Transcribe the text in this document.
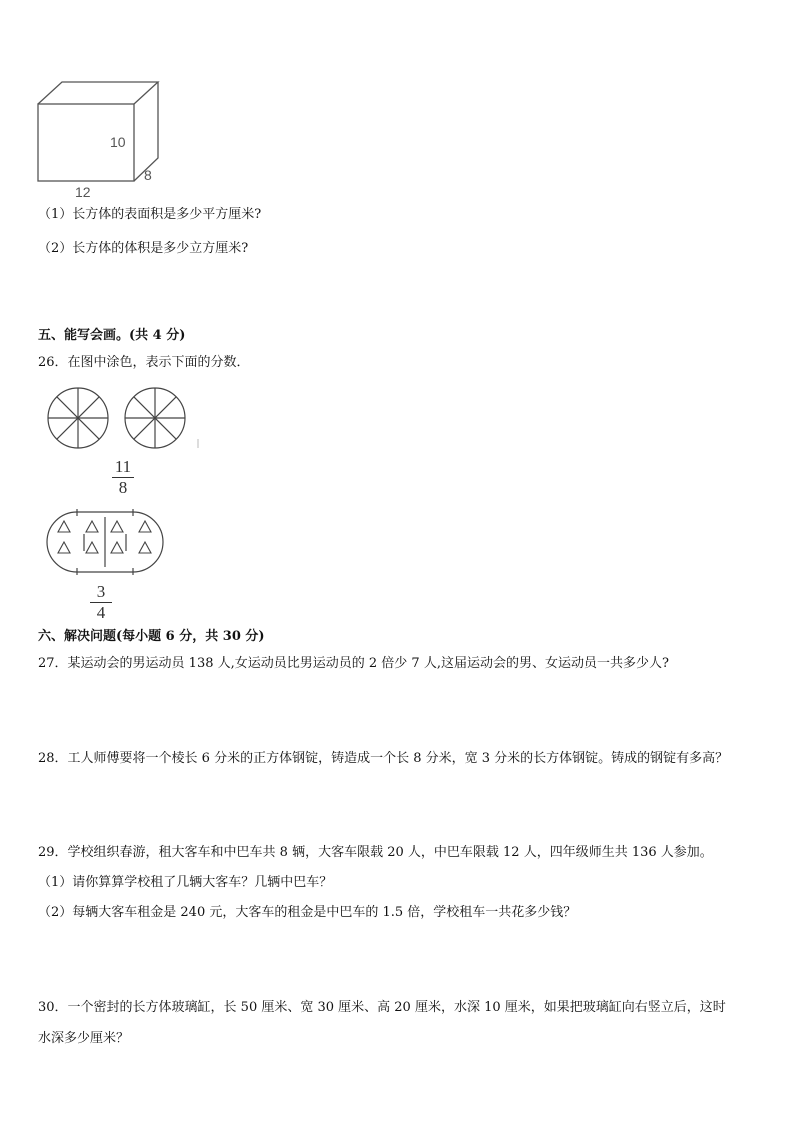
10
8
12
（1）长方体的表面积是多少平方厘米?
（2）长方体的体积是多少立方厘米?
五、能写会画。(共 4 分)
26．在图中涂色，表示下面的分数．
11
8
3
4
六、解决问题(每小题 6 分，共 30 分)
27．某运动会的男运动员 138 人,女运动员比男运动员的 2 倍少 7 人,这届运动会的男、女运动员一共多少人?
28．工人师傅要将一个棱长 6 分米的正方体钢锭，铸造成一个长 8 分米，宽 3 分米的长方体钢锭。铸成的钢锭有多高？
29．学校组织春游，租大客车和中巴车共 8 辆，大客车限载 20 人，中巴车限载 12 人，四年级师生共 136 人参加。
（1）请你算算学校租了几辆大客车？几辆中巴车？
（2）每辆大客车租金是 240 元，大客车的租金是中巴车的 1.5 倍，学校租车一共花多少钱？
30．一个密封的长方体玻璃缸，长 50 厘米、宽 30 厘米、高 20 厘米，水深 10 厘米，如果把玻璃缸向右竖立后，这时
水深多少厘米？
